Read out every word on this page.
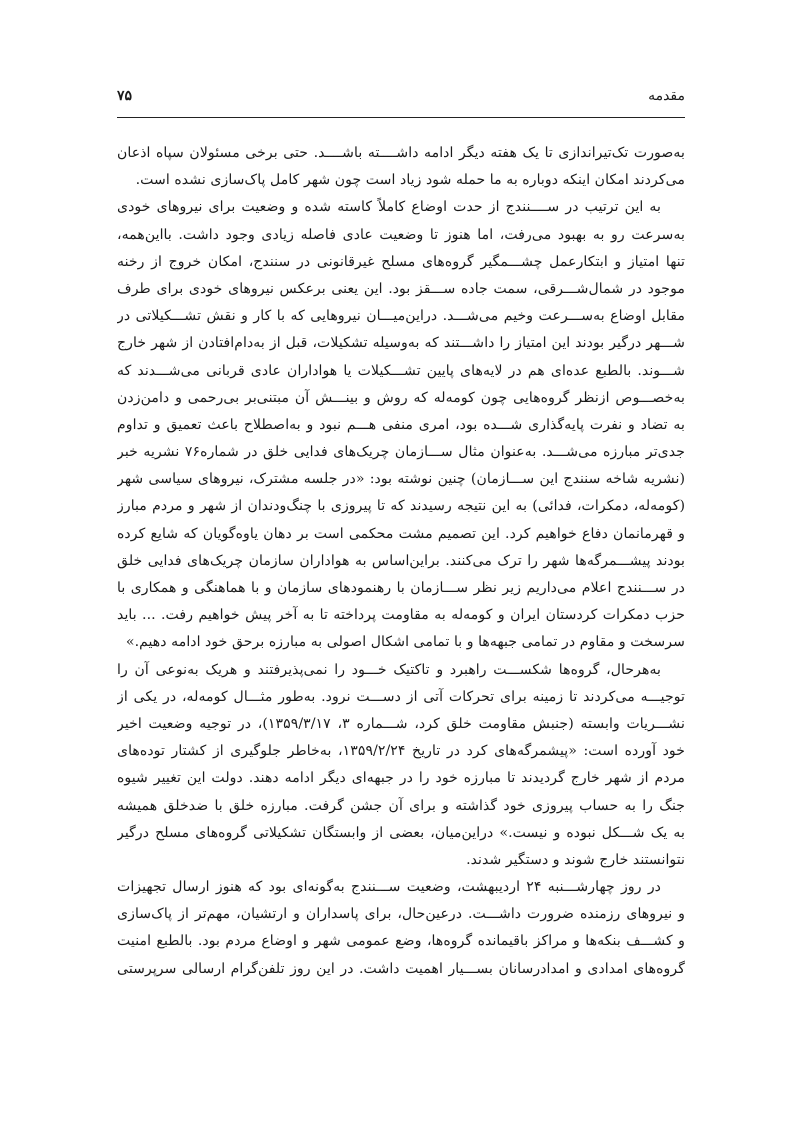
مقدمه
۷۵
به‌صورت تک‌تیراندازی تا یک هفته دیگر ادامه داشــــته باشــــد. حتی برخی مسئولان سپاه اذعان
می‌کردند امکان اینکه دوباره به ما حمله شود زیاد است چون شهر کامل پاک‌سازی نشده است.
به این ترتیب در ســــنندج از حدت اوضاع کاملاً کاسته شده و وضعیت برای نیروهای خودی
به‌سرعت رو به بهبود می‌رفت، اما هنوز تا وضعیت عادی فاصله زیادی وجود داشت. بااین‌همه،
تنها امتیاز و ابتکارعمل چشـــمگیر گروه‌های مسلح غیرقانونی در سنندج، امکان خروج از رخنه
موجود در شمال‌شـــرقی، سمت جاده ســـقز بود. این یعنی برعکس نیروهای خودی برای طرف
مقابل اوضاع به‌ســـرعت وخیم می‌شـــد. دراین‌میـــان نیروهایی که با کار و نقش تشـــکیلاتی در
شـــهر درگیر بودند این امتیاز را داشـــتند که به‌وسیله تشکیلات، قبل از به‌دام‌افتادن از شهر خارج
شـــوند. بالطبع عده‌ای هم در لایه‌های پایین تشـــکیلات یا هواداران عادی قربانی می‌شـــدند که
به‌خصـــوص ازنظر گروه‌هایی چون کومه‌له که روش و بینـــش آن مبتنی‌بر بی‌رحمی و دامن‌زدن
به تضاد و نفرت پایه‌گذاری شـــده بود، امری منفی هـــم نبود و به‌اصطلاح باعث تعمیق و تداوم
جدی‌تر مبارزه می‌شـــد. به‌عنوان مثال ســـازمان چریک‌های فدایی خلق در شماره۷۶ نشریه خبر
(نشریه شاخه سنندج این ســـازمان) چنین نوشته بود: «در جلسه مشترک، نیروهای سیاسی شهر
(کومه‌له، دمکرات، فدائی) به این نتیجه رسیدند که تا پیروزی با چنگ‌ودندان از شهر و مردم مبارز
و قهرمانمان دفاع خواهیم کرد. این تصمیم مشت محکمی است بر دهان یاوه‌گویان که شایع کرده
بودند پیشـــمرگه‌ها شهر را ترک می‌کنند. براین‌اساس به هواداران سازمان چریک‌های فدایی خلق
در ســـنندج اعلام می‌داریم زیر نظر ســـازمان با رهنمودهای سازمان و با هماهنگی و همکاری با
حزب دمکرات کردستان ایران و کومه‌له به مقاومت پرداخته تا به آخر پیش خواهیم رفت. ... باید
سرسخت و مقاوم در تمامی جبهه‌ها و با تمامی اشکال اصولی به مبارزه برحق خود ادامه دهیم.»
به‌هرحال، گروه‌ها شکســـت راهبرد و تاکتیک خـــود را نمی‌پذیرفتند و هریک به‌نوعی آن را
توجیـــه می‌کردند تا زمینه برای تحرکات آتی از دســـت نرود. به‌طور مثـــال کومه‌له، در یکی از
نشـــریات وابسته (جنبش مقاومت خلق کرد، شـــماره ۳، ۱۳۵۹/۳/۱۷)، در توجیه وضعیت اخیر
خود آورده است: «پیشمرگه‌های کرد در تاریخ ۱۳۵۹/۲/۲۴، به‌خاطر جلوگیری از کشتار توده‌های
مردم از شهر خارج گردیدند تا مبارزه خود را در جبهه‌ای دیگر ادامه دهند. دولت این تغییر شیوه
جنگ را به حساب پیروزی خود گذاشته و برای آن جشن گرفت. مبارزه خلق با ضدخلق همیشه
به یک شـــکل نبوده و نیست.» دراین‌میان، بعضی از وابستگان تشکیلاتی گروه‌های مسلح درگیر
نتوانستند خارج شوند و دستگیر شدند.
در روز چهارشـــنبه ۲۴ اردیبهشت، وضعیت ســـنندج به‌گونه‌ای بود که هنوز ارسال تجهیزات
و نیروهای رزمنده ضرورت داشـــت. درعین‌حال، برای پاسداران و ارتشیان، مهم‌تر از پاک‌سازی
و کشـــف بنکه‌ها و مراکز باقیمانده گروه‌ها، وضع عمومی شهر و اوضاع مردم بود. بالطبع امنیت
گروه‌های امدادی و امدادرسانان بســـیار اهمیت داشت. در این روز تلفن‌گرام ارسالی سرپرستی
